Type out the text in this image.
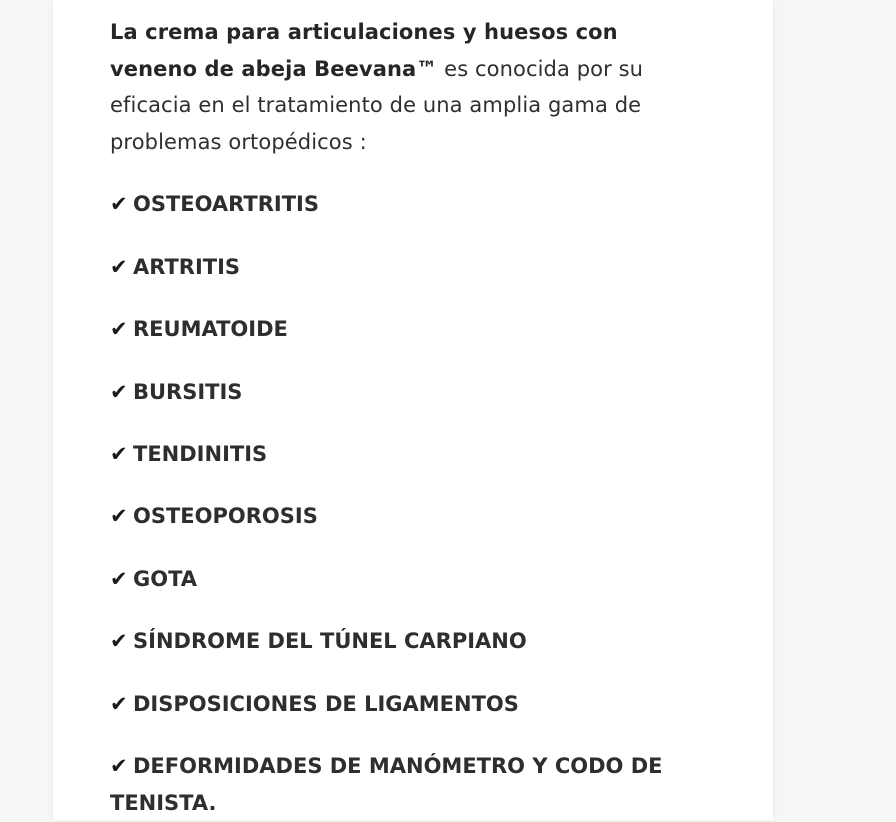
La crema para articulaciones y huesos con veneno de abeja Beevana™ es conocida por su eficacia en el tratamiento de una amplia gama de problemas ortopédicos :

✔ OSTEOARTRITIS

✔ ARTRITIS

✔ REUMATOIDE

✔ BURSITIS

✔ TENDINITIS

✔ OSTEOPOROSIS

✔ GOTA

✔ SÍNDROME DEL TÚNEL CARPIANO

✔ DISPOSICIONES DE LIGAMENTOS

✔ DEFORMIDADES DE MANÓMETRO Y CODO DE TENISTA.
